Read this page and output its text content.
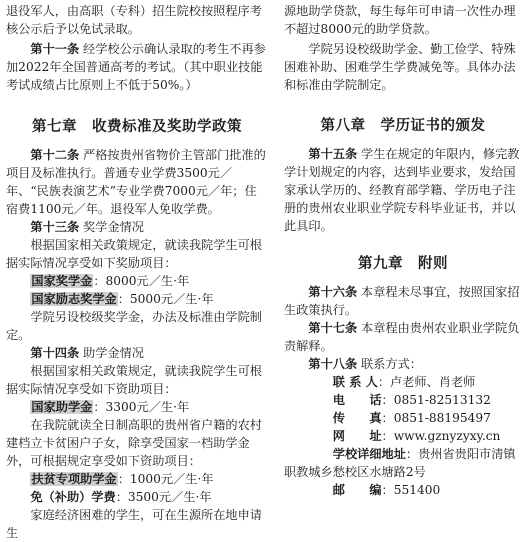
退役军人，由高职（专科）招生院校按照程序考核公示后予以免试录取。

第十一条 经学校公示确认录取的考生不再参加2022年全国普通高考的考试。（其中职业技能考试成绩占比原则上不低于50%。）

第七章　收费标准及奖助学政策

第十二条 严格按贵州省物价主管部门批准的项目及标准执行。普通专业学费3500元／年、“民族表演艺术”专业学费7000元／年；住宿费1100元／年。退役军人免收学费。

第十三条 奖学金情况

根据国家相关政策规定，就读我院学生可根据实际情况享受如下奖励项目：

国家奖学金：8000元／生·年

国家励志奖学金：5000元／生·年

学院另设校级奖学金，办法及标准由学院制定。

第十四条 助学金情况

根据国家相关政策规定，就读我院学生可根据实际情况享受如下资助项目：

国家助学金：3300元／生·年

在我院就读全日制高职的贵州省户籍的农村建档立卡贫困户子女，除享受国家一档助学金外，可根据规定享受如下资助项目：

扶贫专项助学金：1000元／生·年

免（补助）学费：3500元／生·年

家庭经济困难的学生，可在生源所在地申请生

源地助学贷款，每生每年可申请一次性办理不超过8000元的助学贷款。

学院另设校级助学金、勤工俭学、特殊困难补助、困难学生学费减免等。具体办法和标准由学院制定。

第八章　学历证书的颁发

第十五条 学生在规定的年限内，修完教学计划规定的内容，达到毕业要求，发给国家承认学历的、经教育部学籍、学历电子注册的贵州农业职业学院专科毕业证书，并以此具印。

第九章　附则

第十六条 本章程未尽事宜，按照国家招生政策执行。

第十七条 本章程由贵州农业职业学院负责解释。

第十八条 联系方式：

联 系 人：卢老师、肖老师

电　　话：0851-82513132

传　　真：0851-88195497

网　　址：www.gznyzyxy.cn

学校详细地址：贵州省贵阳市清镇职教城乡愁校区水塘路2号

邮　　编：551400
